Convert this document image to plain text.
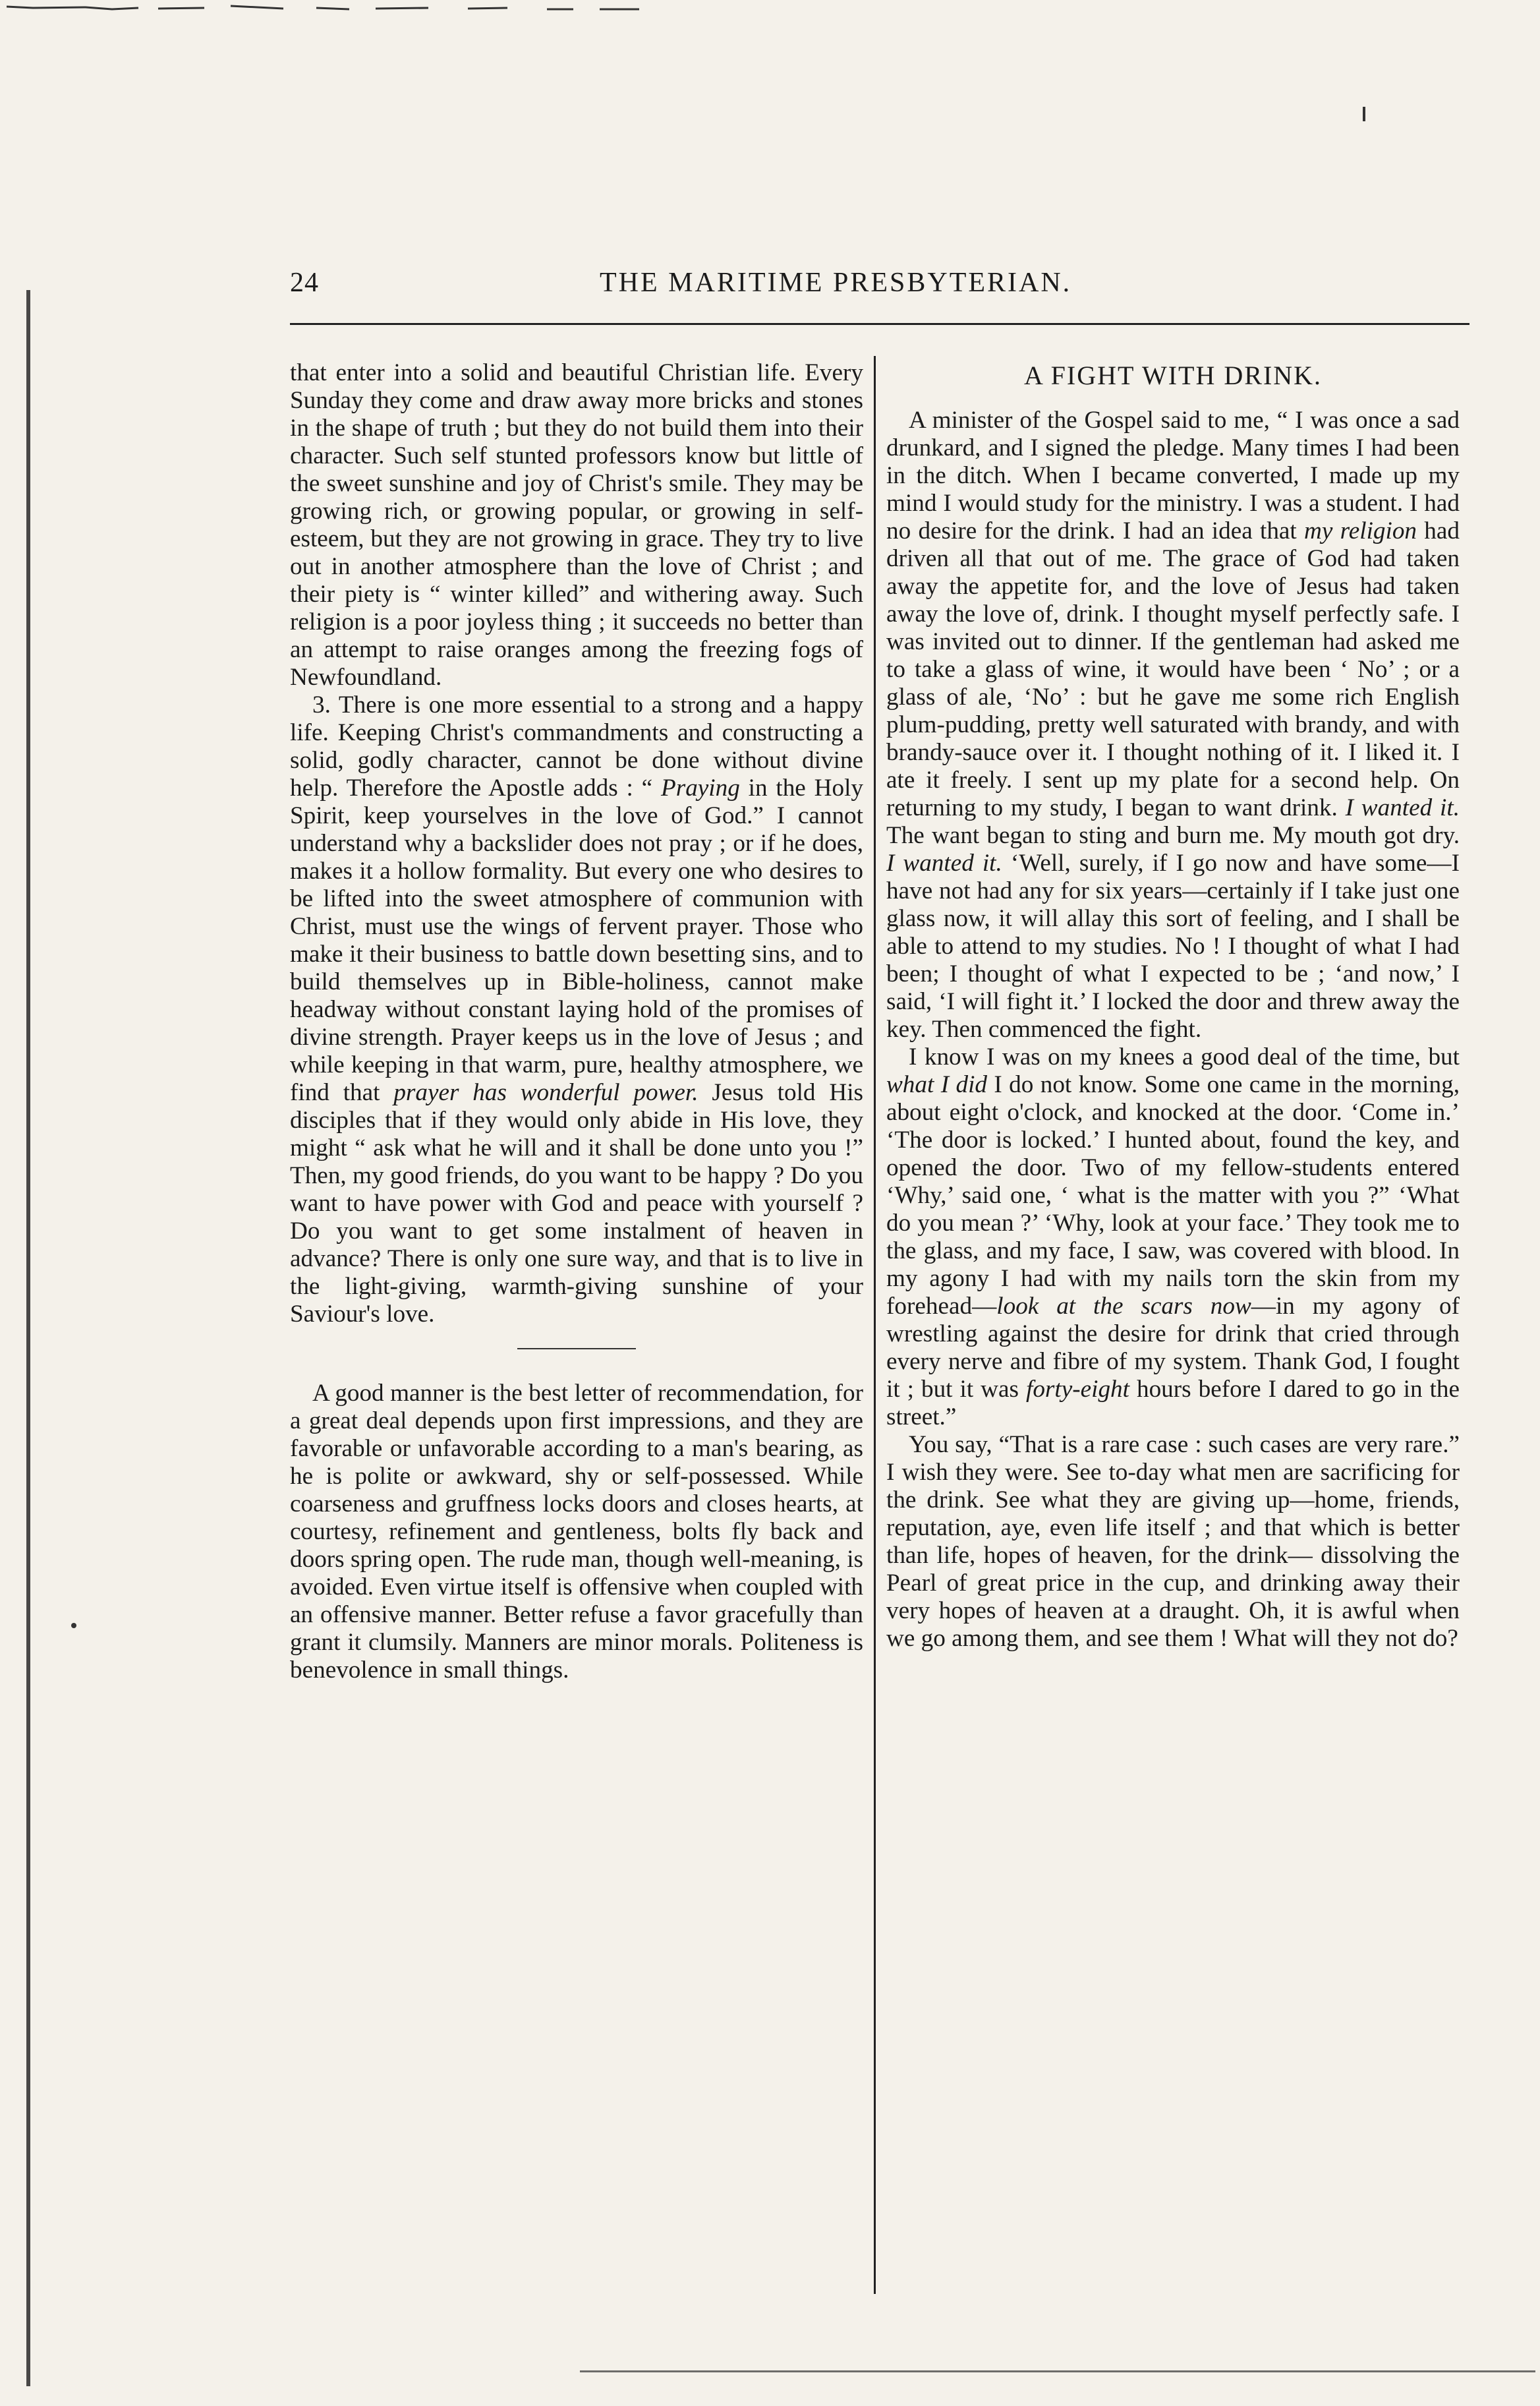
24	THE MARITIME PRESBYTERIAN.

that enter into a solid and beautiful Christian life. Every Sunday they come and draw away more bricks and stones in the shape of truth ; but they do not build them into their character. Such self stunted professors know but little of the sweet sunshine and joy of Christ's smile. They may be growing rich, or growing popular, or growing in self-esteem, but they are not growing in grace. They try to live out in another atmosphere than the love of Christ ; and their piety is “ winter killed” and withering away. Such religion is a poor joyless thing ; it succeeds no better than an attempt to raise oranges among the freezing fogs of Newfoundland.

3. There is one more essential to a strong and a happy life. Keeping Christ's commandments and constructing a solid, godly character, cannot be done without divine help. Therefore the Apostle adds : “ Praying in the Holy Spirit, keep yourselves in the love of God.” I cannot understand why a backslider does not pray ; or if he does, makes it a hollow formality. But every one who desires to be lifted into the sweet atmosphere of communion with Christ, must use the wings of fervent prayer. Those who make it their business to battle down besetting sins, and to build themselves up in Bible-holiness, cannot make headway without constant laying hold of the promises of divine strength. Prayer keeps us in the love of Jesus ; and while keeping in that warm, pure, healthy atmosphere, we find that prayer has wonderful power. Jesus told His disciples that if they would only abide in His love, they might “ ask what he will and it shall be done unto you !” Then, my good friends, do you want to be happy ? Do you want to have power with God and peace with yourself ? Do you want to get some instalment of heaven in advance? There is only one sure way, and that is to live in the light-giving, warmth-giving sunshine of your Saviour's love.

A good manner is the best letter of recommendation, for a great deal depends upon first impressions, and they are favorable or unfavorable according to a man's bearing, as he is polite or awkward, shy or self-possessed. While coarseness and gruffness locks doors and closes hearts, at courtesy, refinement and gentleness, bolts fly back and doors spring open. The rude man, though well-meaning, is avoided. Even virtue itself is offensive when coupled with an offensive manner. Better refuse a favor gracefully than grant it clumsily. Manners are minor morals. Politeness is benevolence in small things.

A FIGHT WITH DRINK.

A minister of the Gospel said to me, “ I was once a sad drunkard, and I signed the pledge. Many times I had been in the ditch. When I became converted, I made up my mind I would study for the ministry. I was a student. I had no desire for the drink. I had an idea that my religion had driven all that out of me. The grace of God had taken away the appetite for, and the love of Jesus had taken away the love of, drink. I thought myself perfectly safe. I was invited out to dinner. If the gentleman had asked me to take a glass of wine, it would have been ‘ No’ ; or a glass of ale, ‘No’ : but he gave me some rich English plum-pudding, pretty well saturated with brandy, and with brandy-sauce over it. I thought nothing of it. I liked it. I ate it freely. I sent up my plate for a second help. On returning to my study, I began to want drink. I wanted it. The want began to sting and burn me. My mouth got dry. I wanted it. ‘Well, surely, if I go now and have some—I have not had any for six years—certainly if I take just one glass now, it will allay this sort of feeling, and I shall be able to attend to my studies. No ! I thought of what I had been; I thought of what I expected to be ; ‘and now,’ I said, ‘I will fight it.’ I locked the door and threw away the key. Then commenced the fight.

I know I was on my knees a good deal of the time, but what I did I do not know. Some one came in the morning, about eight o'clock, and knocked at the door. ‘Come in.’ ‘The door is locked.’ I hunted about, found the key, and opened the door. Two of my fellow-students entered ‘Why,’ said one, ‘ what is the matter with you ?” ‘What do you mean ?’ ‘Why, look at your face.’ They took me to the glass, and my face, I saw, was covered with blood. In my agony I had with my nails torn the skin from my forehead—look at the scars now—in my agony of wrestling against the desire for drink that cried through every nerve and fibre of my system. Thank God, I fought it ; but it was forty-eight hours before I dared to go in the street.”

You say, “That is a rare case : such cases are very rare.” I wish they were. See to-day what men are sacrificing for the drink. See what they are giving up—home, friends, reputation, aye, even life itself ; and that which is better than life, hopes of heaven, for the drink— dissolving the Pearl of great price in the cup, and drinking away their very hopes of heaven at a draught. Oh, it is awful when we go among them, and see them ! What will they not do?
